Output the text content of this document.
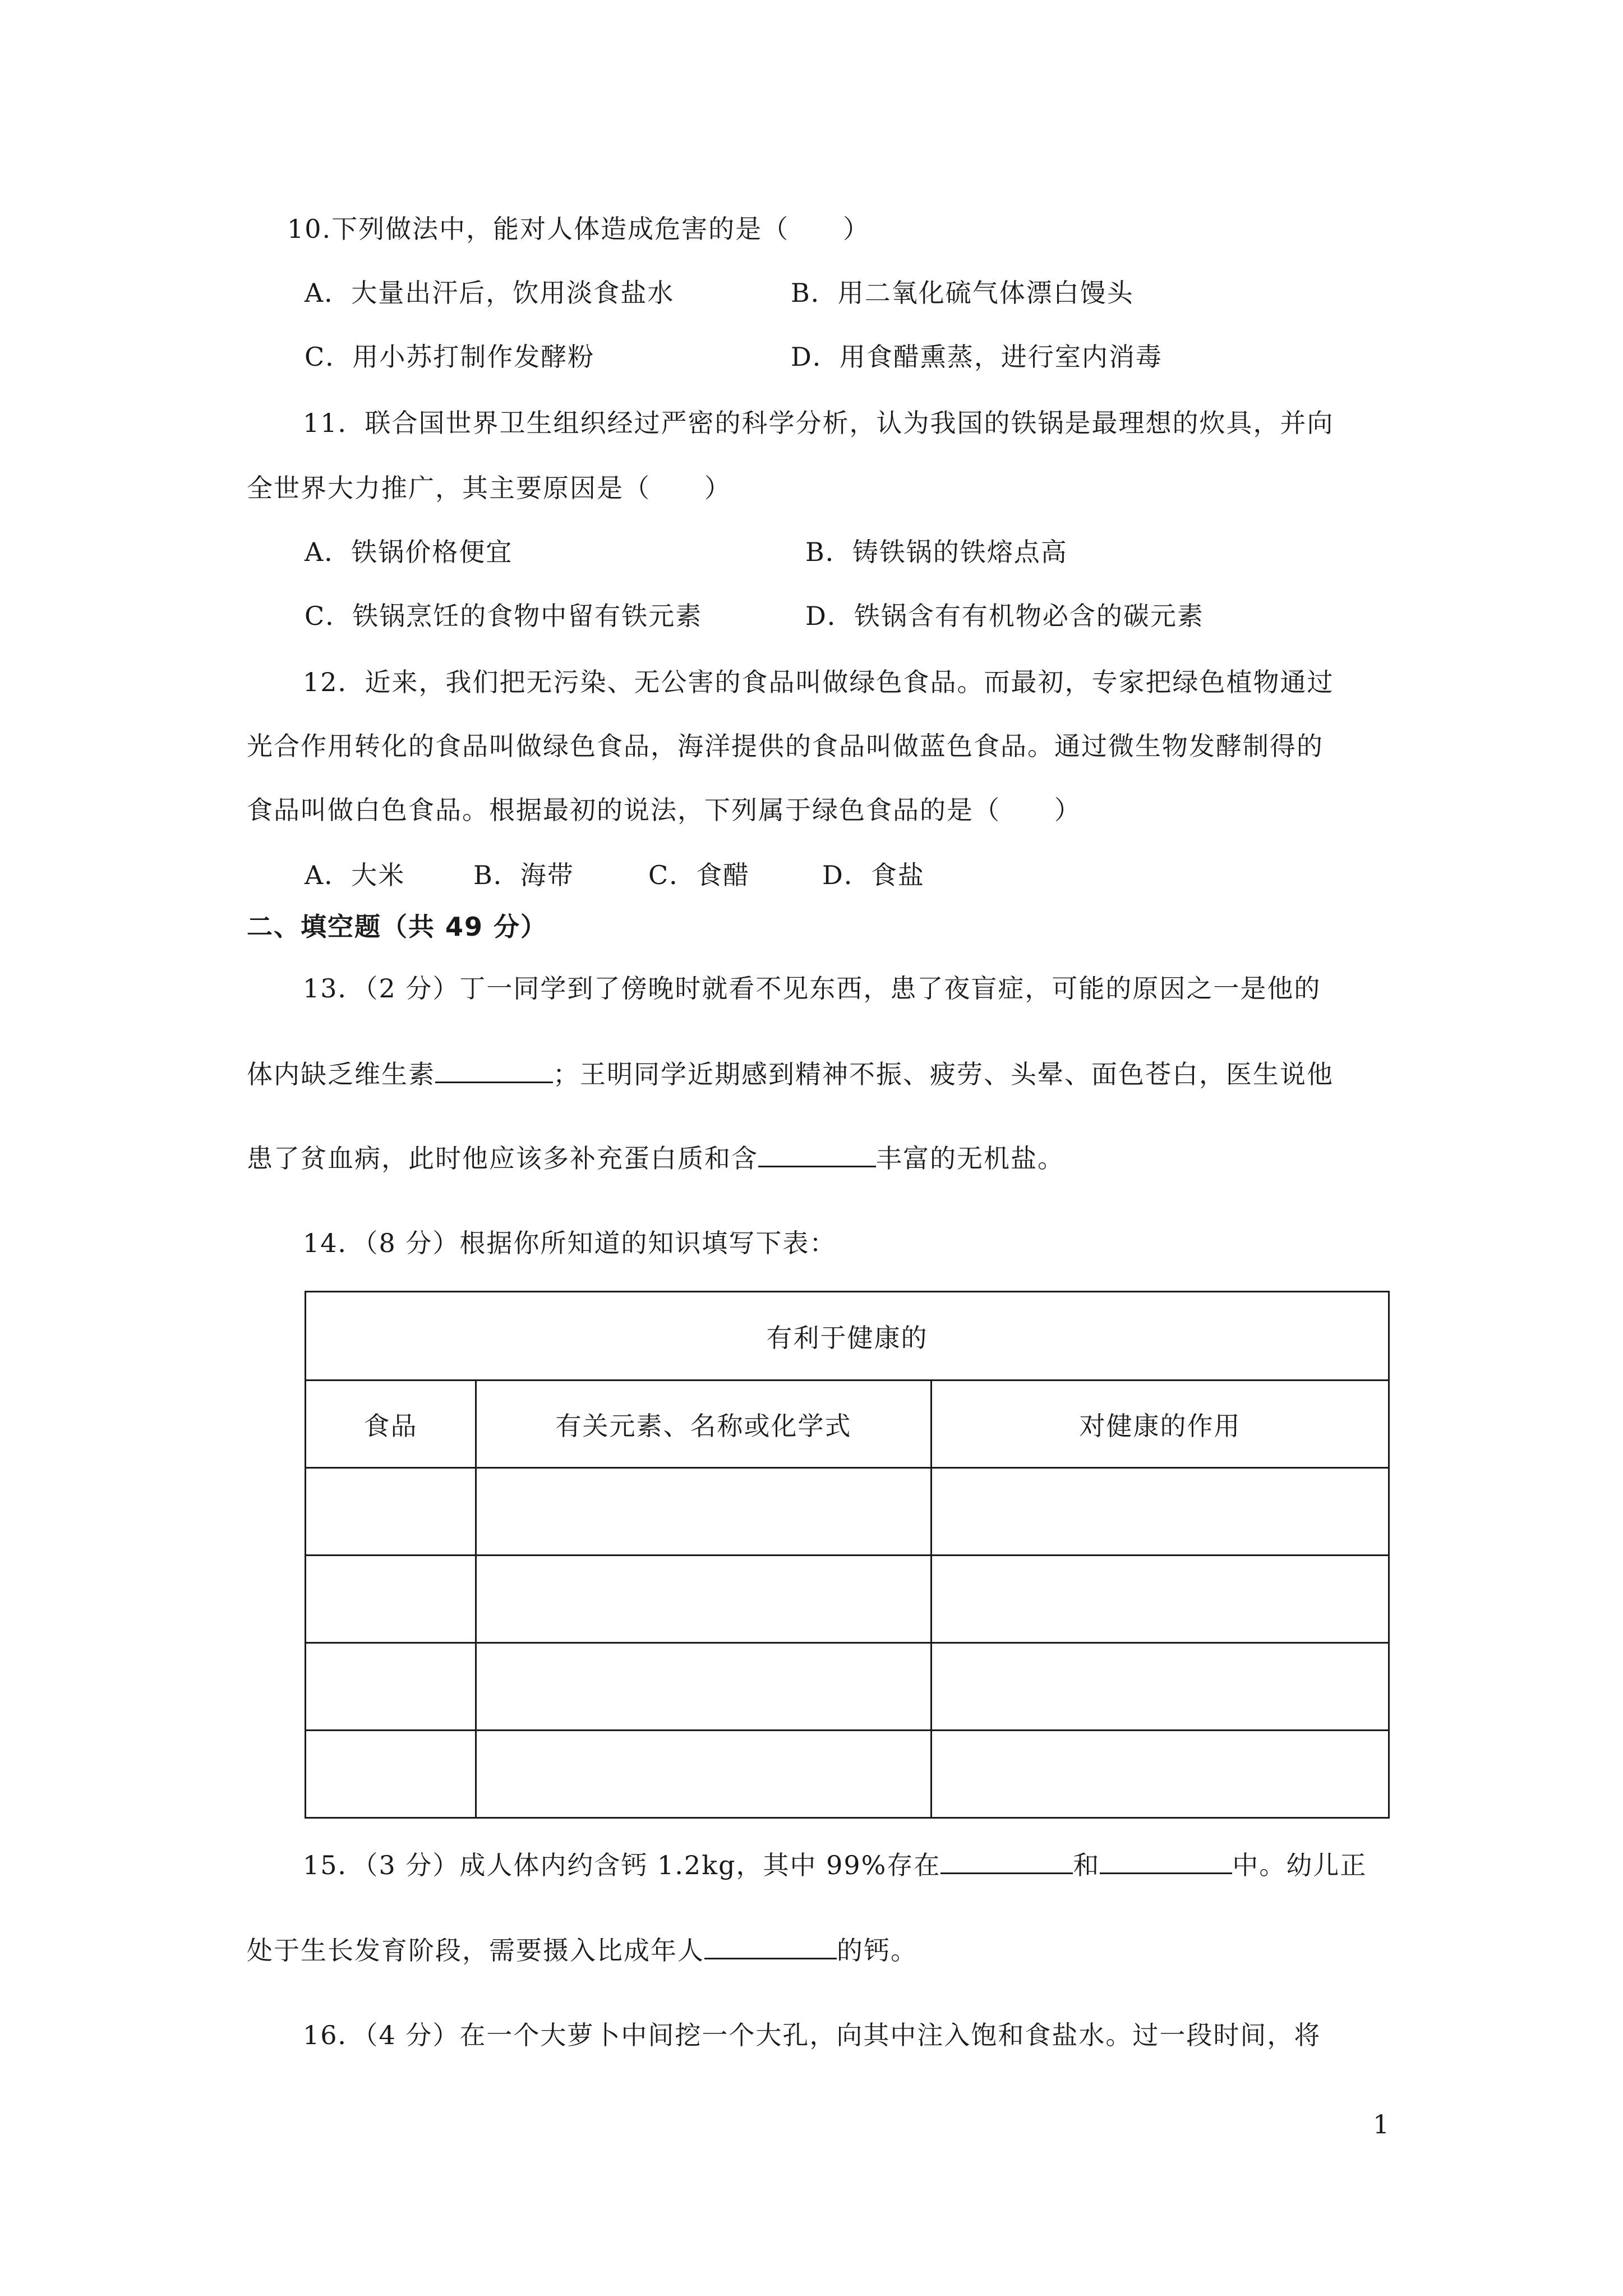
10.下列做法中，能对人体造成危害的是（　　）
A．大量出汗后，饮用淡食盐水	B．用二氧化硫气体漂白馒头
C．用小苏打制作发酵粉	D．用食醋熏蒸，进行室内消毒
11．联合国世界卫生组织经过严密的科学分析，认为我国的铁锅是最理想的炊具，并向
全世界大力推广，其主要原因是（　　）
A．铁锅价格便宜	B．铸铁锅的铁熔点高
C．铁锅烹饪的食物中留有铁元素	D．铁锅含有有机物必含的碳元素
12．近来，我们把无污染、无公害的食品叫做绿色食品。而最初，专家把绿色植物通过
光合作用转化的食品叫做绿色食品，海洋提供的食品叫做蓝色食品。通过微生物发酵制得的
食品叫做白色食品。根据最初的说法，下列属于绿色食品的是（　　）
A．大米	B．海带	C．食醋	D．食盐
二、填空题（共 49 分）
13．（2 分）丁一同学到了傍晚时就看不见东西，患了夜盲症，可能的原因之一是他的
体内缺乏维生素	；王明同学近期感到精神不振、疲劳、头晕、面色苍白，医生说他
患了贫血病，此时他应该多补充蛋白质和含	丰富的无机盐。
14．（8 分）根据你所知道的知识填写下表：
有利于健康的		
食品	有关元素、名称或化学式	对健康的作用

15．（3 分）成人体内约含钙 1.2kg，其中 99%存在	和	中。幼儿正
处于生长发育阶段，需要摄入比成年人	的钙。
16．（4 分）在一个大萝卜中间挖一个大孔，向其中注入饱和食盐水。过一段时间，将
1
